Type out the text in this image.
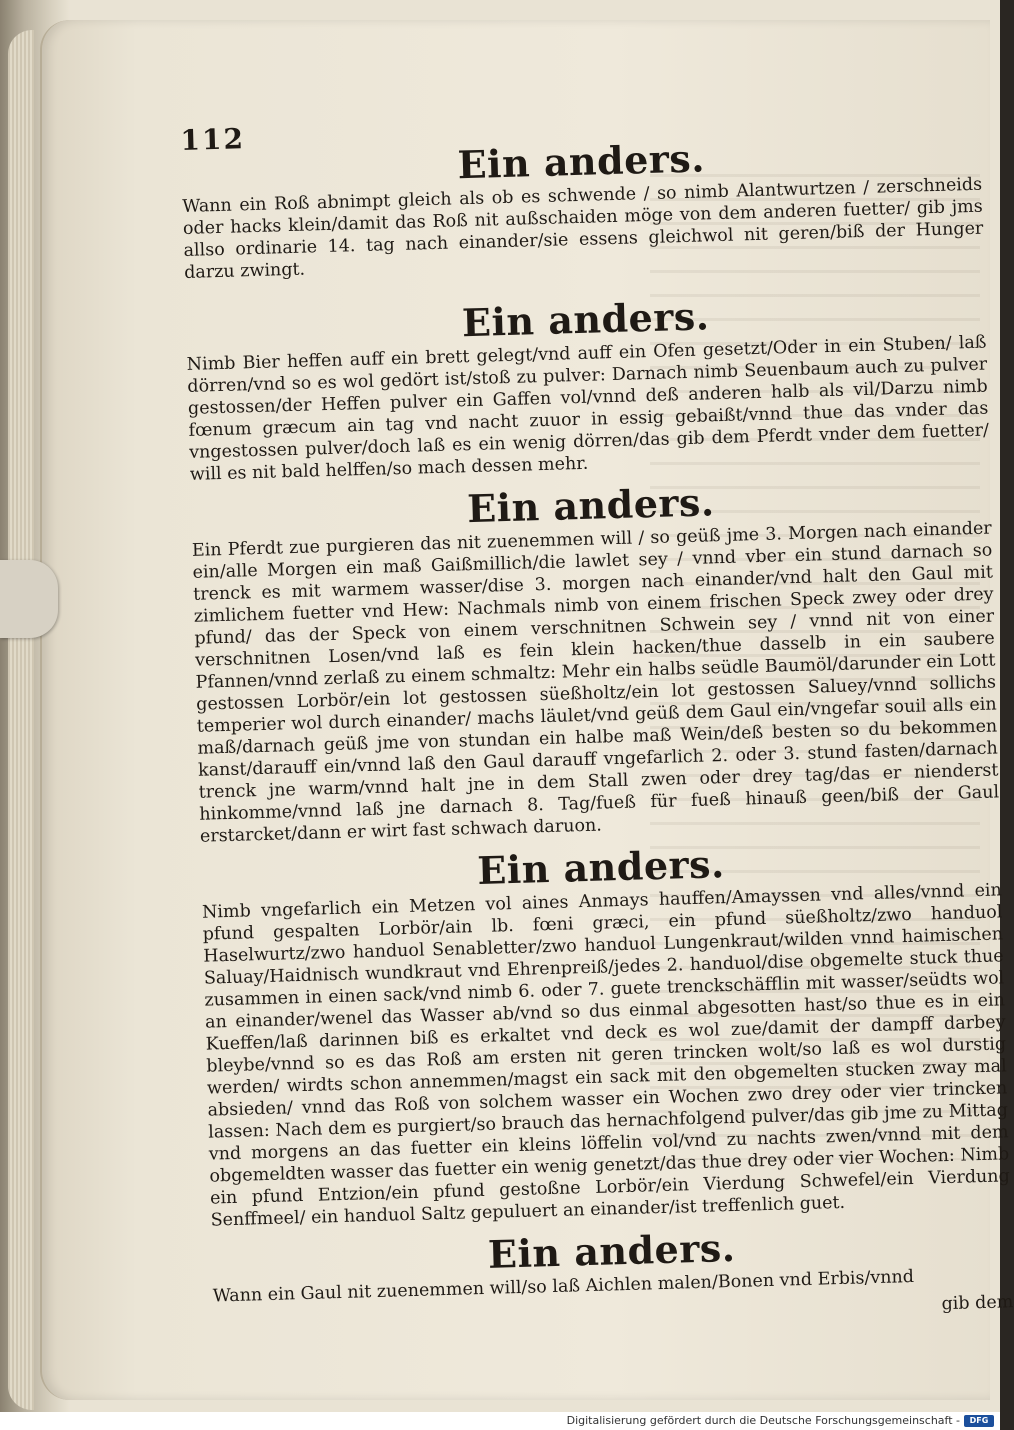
112	Ein anders.

Wann ein Roß abnimpt gleich als ob es schwende / so nimb Alantwurtzen / zerschneids oder hacks klein/damit das Roß nit außschaiden möge von dem anderen fuetter/ gib jms allso ordinarie 14. tag nach einander/sie essens gleichwol nit geren/biß der Hunger darzu zwingt.

Ein anders.

Nimb Bier heffen auff ein brett gelegt/vnd auff ein Ofen gesetzt/Oder in ein Stuben/ laß dörren/vnd so es wol gedört ist/stoß zu pulver: Darnach nimb Seuenbaum auch zu pulver gestossen/der Heffen pulver ein Gaffen vol/vnnd deß anderen halb als vil/Darzu nimb fœnum græcum ain tag vnd nacht zuuor in essig gebaißt/vnnd thue das vnder das vngestossen pulver/doch laß es ein wenig dörren/das gib dem Pferdt vnder dem fuetter/ will es nit bald helffen/so mach dessen mehr.

Ein anders.

Ein Pferdt zue purgieren das nit zuenemmen will / so geüß jme 3. Morgen nach einander ein/alle Morgen ein maß Gaißmillich/die lawlet sey / vnnd vber ein stund darnach so trenck es mit warmem wasser/dise 3. morgen nach einander/vnd halt den Gaul mit zimlichem fuetter vnd Hew: Nachmals nimb von einem frischen Speck zwey oder drey pfund/ das der Speck von einem verschnitnen Schwein sey / vnnd nit von einer verschnitnen Losen/vnd laß es fein klein hacken/thue dasselb in ein saubere Pfannen/vnnd zerlaß zu einem schmaltz: Mehr ein halbs seüdle Baumöl/darunder ein Lott gestossen Lorbör/ein lot gestossen süeßholtz/ein lot gestossen Saluey/vnnd sollichs temperier wol durch einander/ machs läulet/vnd geüß dem Gaul ein/vngefar souil alls ein maß/darnach geüß jme von stundan ein halbe maß Wein/deß besten so du bekommen kanst/darauff ein/vnnd laß den Gaul darauff vngefarlich 2. oder 3. stund fasten/darnach trenck jne warm/vnnd halt jne in dem Stall zwen oder drey tag/das er nienderst hinkomme/vnnd laß jne darnach 8. Tag/fueß für fueß hinauß geen/biß der Gaul erstarcket/dann er wirt fast schwach daruon.

Ein anders.

Nimb vngefarlich ein Metzen vol aines Anmays hauffen/Amayssen vnd alles/vnnd ein pfund gespalten Lorbör/ain lb. fœni græci, ein pfund süeßholtz/zwo handuol Haselwurtz/zwo handuol Senabletter/zwo handuol Lungenkraut/wilden vnnd haimischen Saluay/Haidnisch wundkraut vnd Ehrenpreiß/jedes 2. handuol/dise obgemelte stuck thue zusammen in einen sack/vnd nimb 6. oder 7. guete trenckschäfflin mit wasser/seüdts wol an einander/wenel das Wasser ab/vnd so dus einmal abgesotten hast/so thue es in ein Kueffen/laß darinnen biß es erkaltet vnd deck es wol zue/damit der dampff darbey bleybe/vnnd so es das Roß am ersten nit geren trincken wolt/so laß es wol durstig werden/ wirdts schon annemmen/magst ein sack mit den obgemelten stucken zway mal absieden/ vnnd das Roß von solchem wasser ein Wochen zwo drey oder vier trincken lassen: Nach dem es purgiert/so brauch das hernachfolgend pulver/das gib jme zu Mittag vnd morgens an das fuetter ein kleins löffelin vol/vnd zu nachts zwen/vnnd mit dem obgemeldten wasser das fuetter ein wenig genetzt/das thue drey oder vier Wochen: Nimb ein pfund Entzion/ein pfund gestoßne Lorbör/ein Vierdung Schwefel/ein Vierdung Senffmeel/ ein handuol Saltz gepuluert an einander/ist treffenlich guet.

Ein anders.

Wann ein Gaul nit zuenemmen will/so laß Aichlen malen/Bonen vnd Erbis/vnnd	gib dem

Digitalisierung gefördert durch die Deutsche Forschungsgemeinschaft -	DFG
